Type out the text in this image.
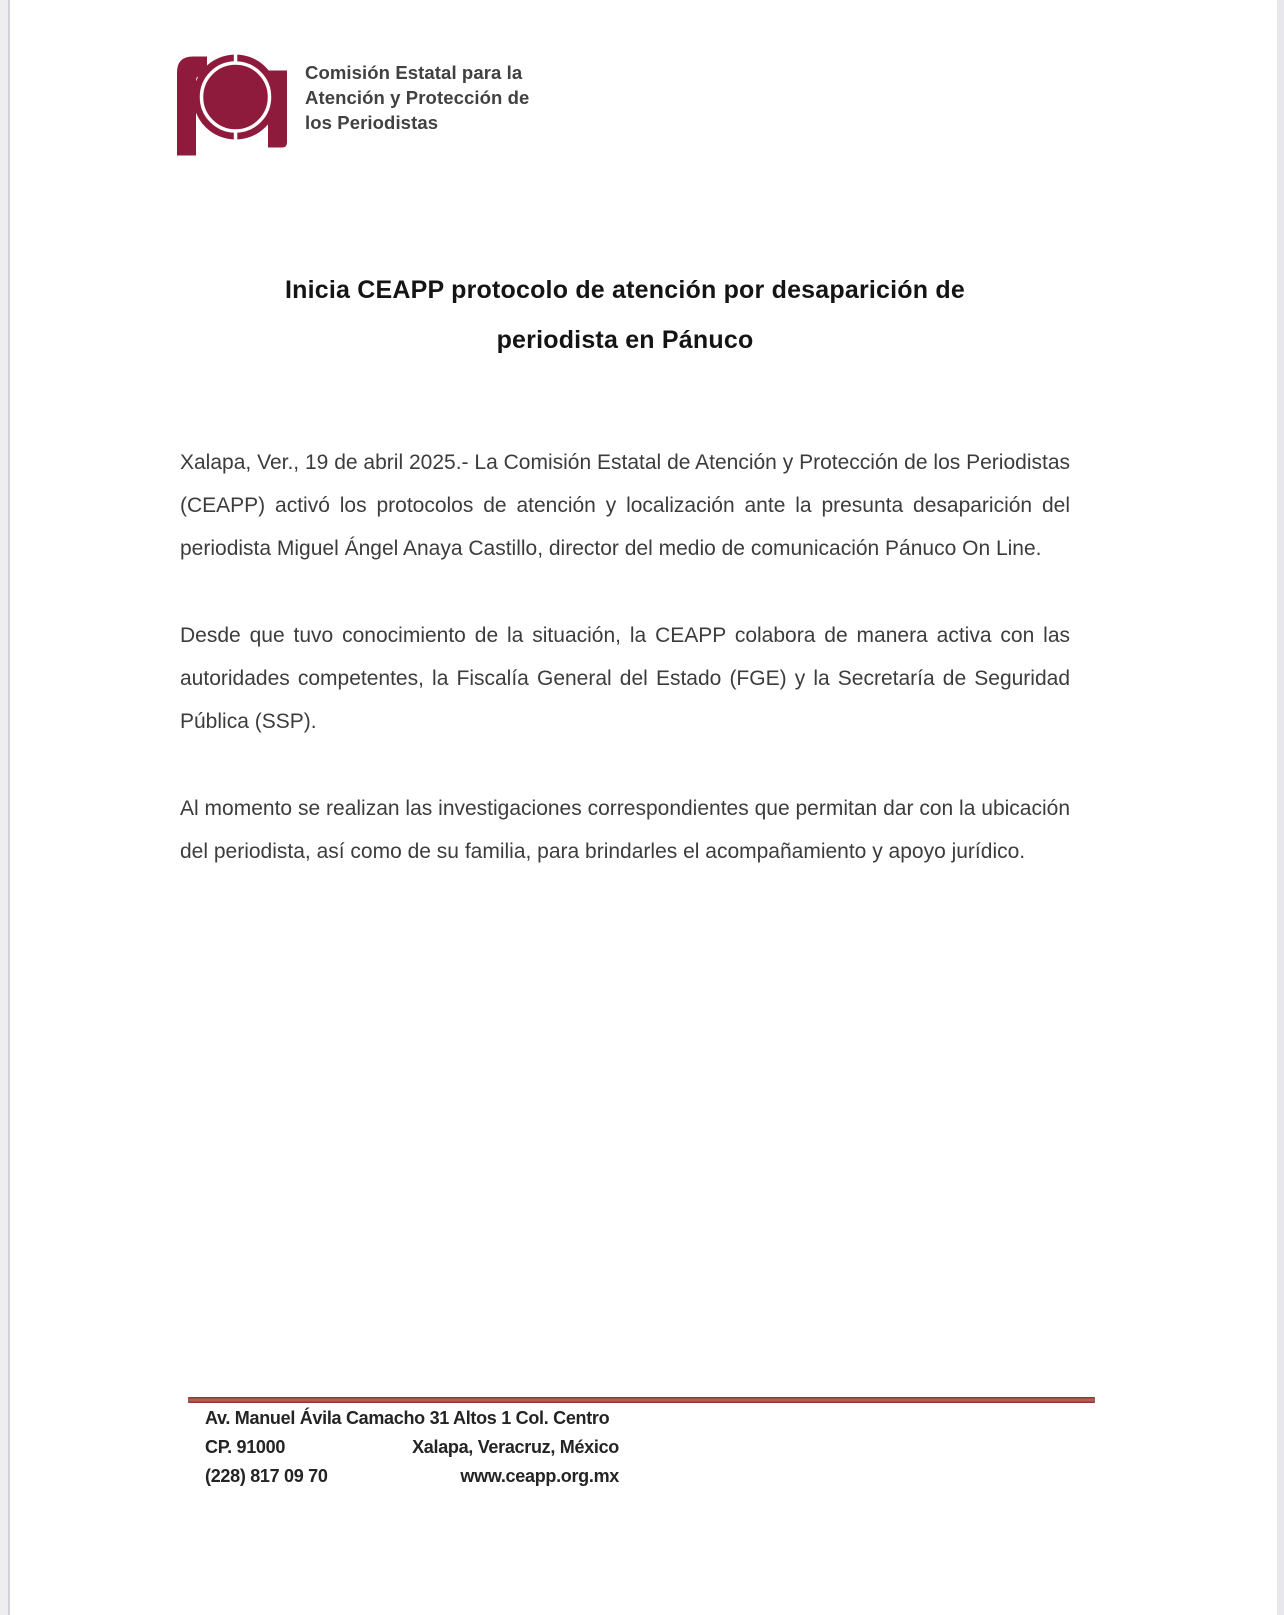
Comisión Estatal para la
Atención y Protección de
los Periodistas
Inicia CEAPP protocolo de atención por desaparición de
periodista en Pánuco

Xalapa, Ver., 19 de abril 2025.- La Comisión Estatal de Atención y Protección de los Periodistas (CEAPP) activó los protocolos de atención y localización ante la presunta desaparición del periodista Miguel Ángel Anaya Castillo, director del medio de comunicación Pánuco On Line.

Desde que tuvo conocimiento de la situación, la CEAPP colabora de manera activa con las autoridades competentes, la Fiscalía General del Estado (FGE) y la Secretaría de Seguridad Pública (SSP).

Al momento se realizan las investigaciones correspondientes que permitan dar con la ubicación del periodista, así como de su familia, para brindarles el acompañamiento y apoyo jurídico.

Av. Manuel Ávila Camacho 31 Altos 1 Col. Centro
CP. 91000	Xalapa, Veracruz, México
(228) 817 09 70	www.ceapp.org.mx
